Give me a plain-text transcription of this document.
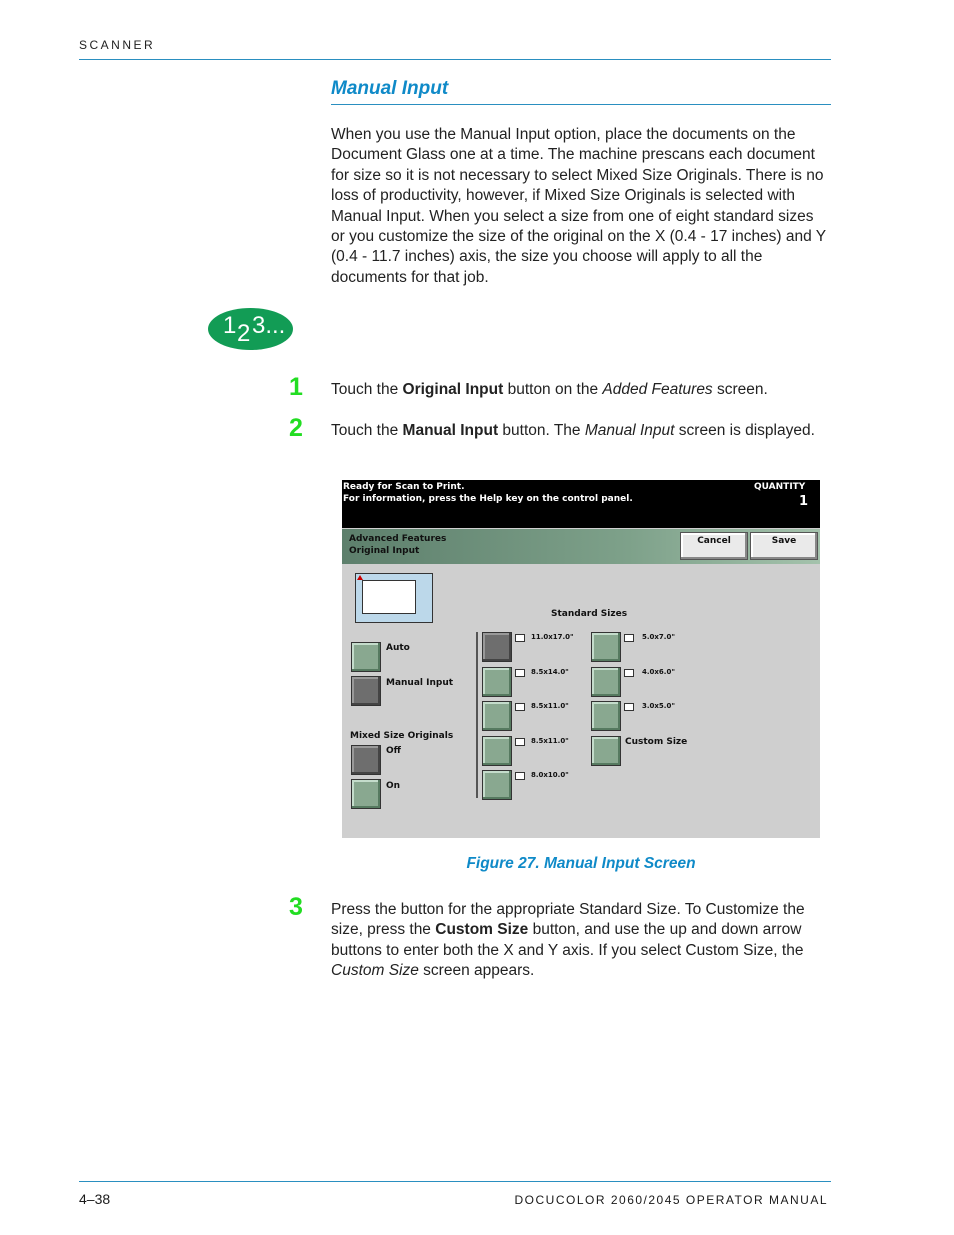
SCANNER
Manual Input

When you use the Manual Input option, place the documents on the Document Glass one at a time. The machine prescans each document for size so it is not necessary to select Mixed Size Originals. There is no loss of productivity, however, if Mixed Size Originals is selected with Manual Input. When you select a size from one of eight standard sizes or you customize the size of the original on the X (0.4 - 17 inches) and Y (0.4 - 11.7 inches) axis, the size you choose will apply to all the documents for that job.

1 2 3...
1 Touch the Original Input button on the Added Features screen.
2 Touch the Manual Input button. The Manual Input screen is displayed.
Ready for Scan to Print.
For information, press the Help key on the control panel.
QUANTITY
1
Advanced Features
Original Input
Cancel	Save
Auto
Manual Input
Mixed Size Originals
Off
On
Standard Sizes
11.0x17.0"
8.5x14.0"
8.5x11.0"
8.5x11.0"
8.0x10.0"
5.0x7.0"
4.0x6.0"
3.0x5.0"
Custom Size
Figure 27. Manual Input Screen
3 Press the button for the appropriate Standard Size. To Customize the size, press the Custom Size button, and use the up and down arrow buttons to enter both the X and Y axis. If you select Custom Size, the Custom Size screen appears.
4–38	DOCUCOLOR 2060/2045 OPERATOR MANUAL
